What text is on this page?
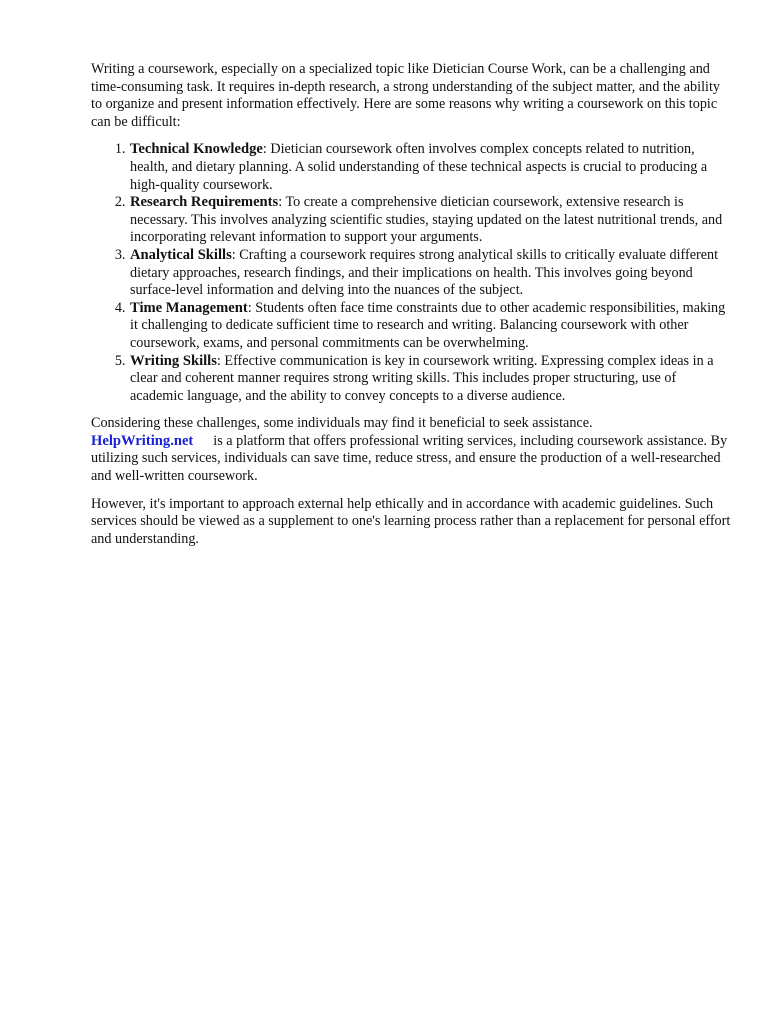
Writing a coursework, especially on a specialized topic like Dietician Course Work, can be a challenging and time-consuming task. It requires in-depth research, a strong understanding of the subject matter, and the ability to organize and present information effectively. Here are some reasons why writing a coursework on this topic can be difficult:

1. Technical Knowledge: Dietician coursework often involves complex concepts related to nutrition, health, and dietary planning. A solid understanding of these technical aspects is crucial to producing a high-quality coursework.
2. Research Requirements: To create a comprehensive dietician coursework, extensive research is necessary. This involves analyzing scientific studies, staying updated on the latest nutritional trends, and incorporating relevant information to support your arguments.
3. Analytical Skills: Crafting a coursework requires strong analytical skills to critically evaluate different dietary approaches, research findings, and their implications on health. This involves going beyond surface-level information and delving into the nuances of the subject.
4. Time Management: Students often face time constraints due to other academic responsibilities, making it challenging to dedicate sufficient time to research and writing. Balancing coursework with other coursework, exams, and personal commitments can be overwhelming.
5. Writing Skills: Effective communication is key in coursework writing. Expressing complex ideas in a clear and coherent manner requires strong writing skills. This includes proper structuring, use of academic language, and the ability to convey concepts to a diverse audience.

Considering these challenges, some individuals may find it beneficial to seek assistance.
HelpWriting.net is a platform that offers professional writing services, including coursework assistance. By utilizing such services, individuals can save time, reduce stress, and ensure the production of a well-researched and well-written coursework.

However, it's important to approach external help ethically and in accordance with academic guidelines. Such services should be viewed as a supplement to one's learning process rather than a replacement for personal effort and understanding.
